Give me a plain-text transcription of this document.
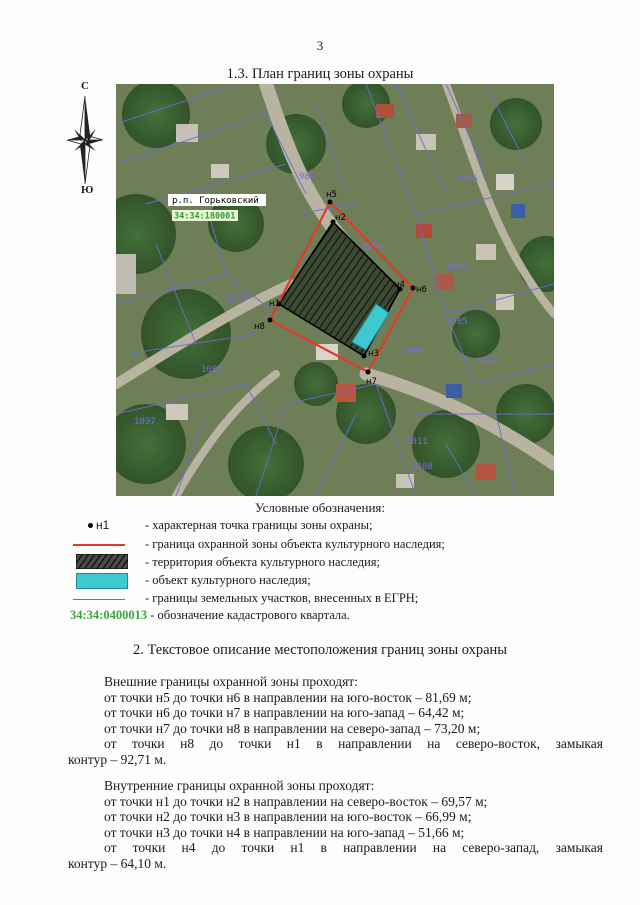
3
1.3. План границ зоны охраны
С
Ю
985
1073
1082
1897
1906
1904
1905
1011
1902
1909
1908
1088
р.п. Горьковский
34:34:180001
н1
н2
н3
н4
н5
н6
н7
н8
Условные обозначения:
н1	- характерная точка границы зоны охраны;
- граница охранной зоны объекта культурного наследия;
- территория объекта культурного наследия;
- объект культурного наследия;
- границы земельных участков, внесенных в ЕГРН;
34:34:0400013 - обозначение кадастрового квартала.
2. Текстовое описание местоположения границ зоны охраны
Внешние границы охранной зоны проходят:
от точки н5 до точки н6 в направлении на юго-восток – 81,69 м;
от точки н6 до точки н7 в направлении на юго-запад – 64,42 м;
от точки н7 до точки н8 в направлении на северо-запад – 73,20 м;
от точки н8 до точки н1 в направлении на северо-восток, замыкая
контур – 92,71 м.
Внутренние границы охранной зоны проходят:
от точки н1 до точки н2 в направлении на северо-восток – 69,57 м;
от точки н2 до точки н3 в направлении на юго-восток – 66,99 м;
от точки н3 до точки н4 в направлении на юго-запад – 51,66 м;
от точки н4 до точки н1 в направлении на северо-запад, замыкая
контур – 64,10 м.
